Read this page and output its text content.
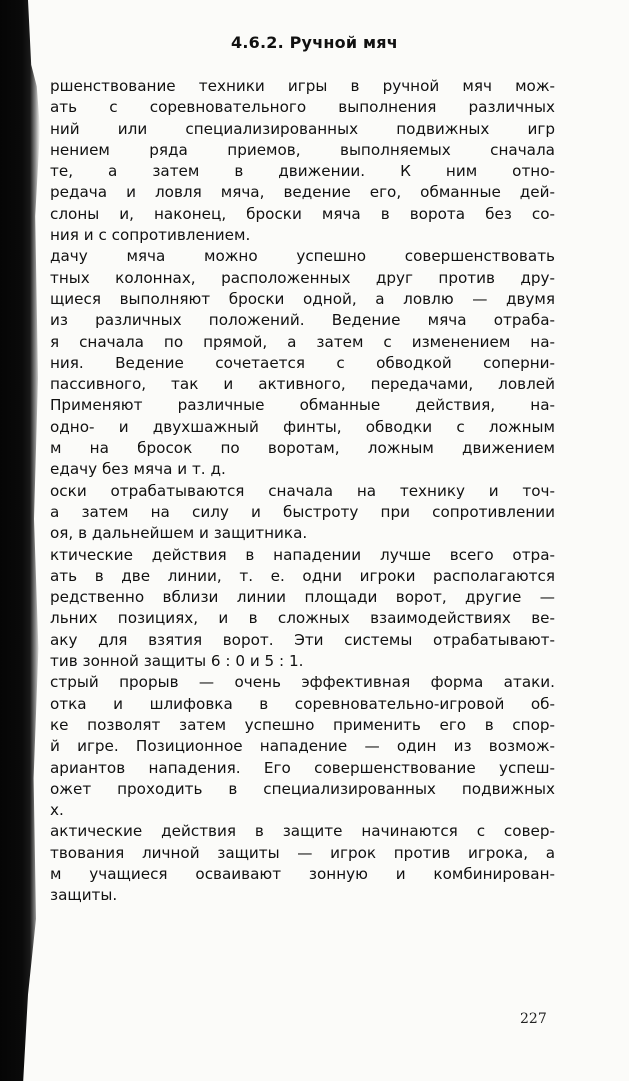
4.6.2. Ручной мяч
ршенствование техники игры в ручной мяч мож-
ать с соревновательного выполнения различных
ний или специализированных подвижных игр
нением ряда приемов, выполняемых сначала
те, а затем в движении. К ним отно-
редача и ловля мяча, ведение его, обманные дей-
слоны и, наконец, броски мяча в ворота без со-
ния и с сопротивлением.
дачу мяча можно успешно совершенствовать
тных колоннах, расположенных друг против дру-
щиеся выполняют броски одной, а ловлю — двумя
из различных положений. Ведение мяча отраба-
я сначала по прямой, а затем с изменением на-
ния. Ведение сочетается с обводкой соперни-
пассивного, так и активного, передачами, ловлей
Применяют различные обманные действия, на-
одно- и двухшажный финты, обводки с ложным
м на бросок по воротам, ложным движением
едачу без мяча и т. д.
оски отрабатываются сначала на технику и точ-
а затем на силу и быстроту при сопротивлении
оя, в дальнейшем и защитника.
ктические действия в нападении лучше всего отра-
ать в две линии, т. е. одни игроки располагаются
редственно вблизи линии площади ворот, другие —
льних позициях, и в сложных взаимодействиях ве-
аку для взятия ворот. Эти системы отрабатывают-
тив зонной защиты 6 : 0 и 5 : 1.
стрый прорыв — очень эффективная форма атаки.
отка и шлифовка в соревновательно-игровой об-
ке позволят затем успешно применить его в спор-
й игре. Позиционное нападение — один из возмож-
ариантов нападения. Его совершенствование успеш-
ожет проходить в специализированных подвижных
х.
актические действия в защите начинаются с совер-
твования личной защиты — игрок против игрока, а
м учащиеся осваивают зонную и комбинирован-
защиты.
227
